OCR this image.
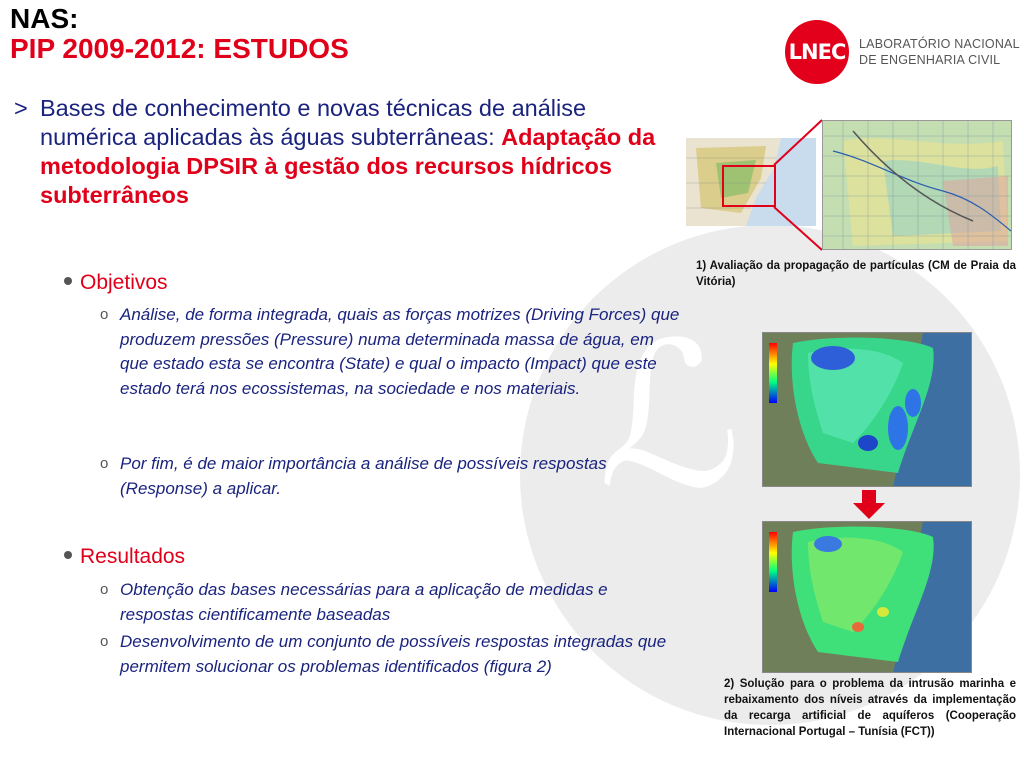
ℒ
NAS:
PIP 2009-2012: ESTUDOS	LNEC LABORATÓRIO NACIONAL
DE ENGENHARIA CIVIL
> Bases de conhecimento e novas técnicas de análise numérica aplicadas às águas subterrâneas: Adaptação da metodologia DPSIR à gestão dos recursos hídricos subterrâneos
Objetivos
o Análise, de forma integrada, quais as forças motrizes (Driving Forces) que produzem pressões (Pressure) numa determinada massa de água, em que estado esta se encontra (State) e qual o impacto (Impact) que este estado terá nos ecossistemas, na sociedade e nos materiais.
o Por fim, é de maior importância a análise de possíveis respostas (Response) a aplicar.
Resultados
o Obtenção das bases necessárias para a aplicação de medidas e respostas cientificamente baseadas
o Desenvolvimento de um conjunto de possíveis respostas integradas que permitem solucionar os problemas identificados (figura 2)
1) Avaliação da propagação de partículas (CM de Praia da Vitória)
2) Solução para o problema da intrusão marinha e rebaixamento dos níveis através da implementação da recarga artificial de aquíferos (Cooperação Internacional Portugal – Tunísia (FCT))
